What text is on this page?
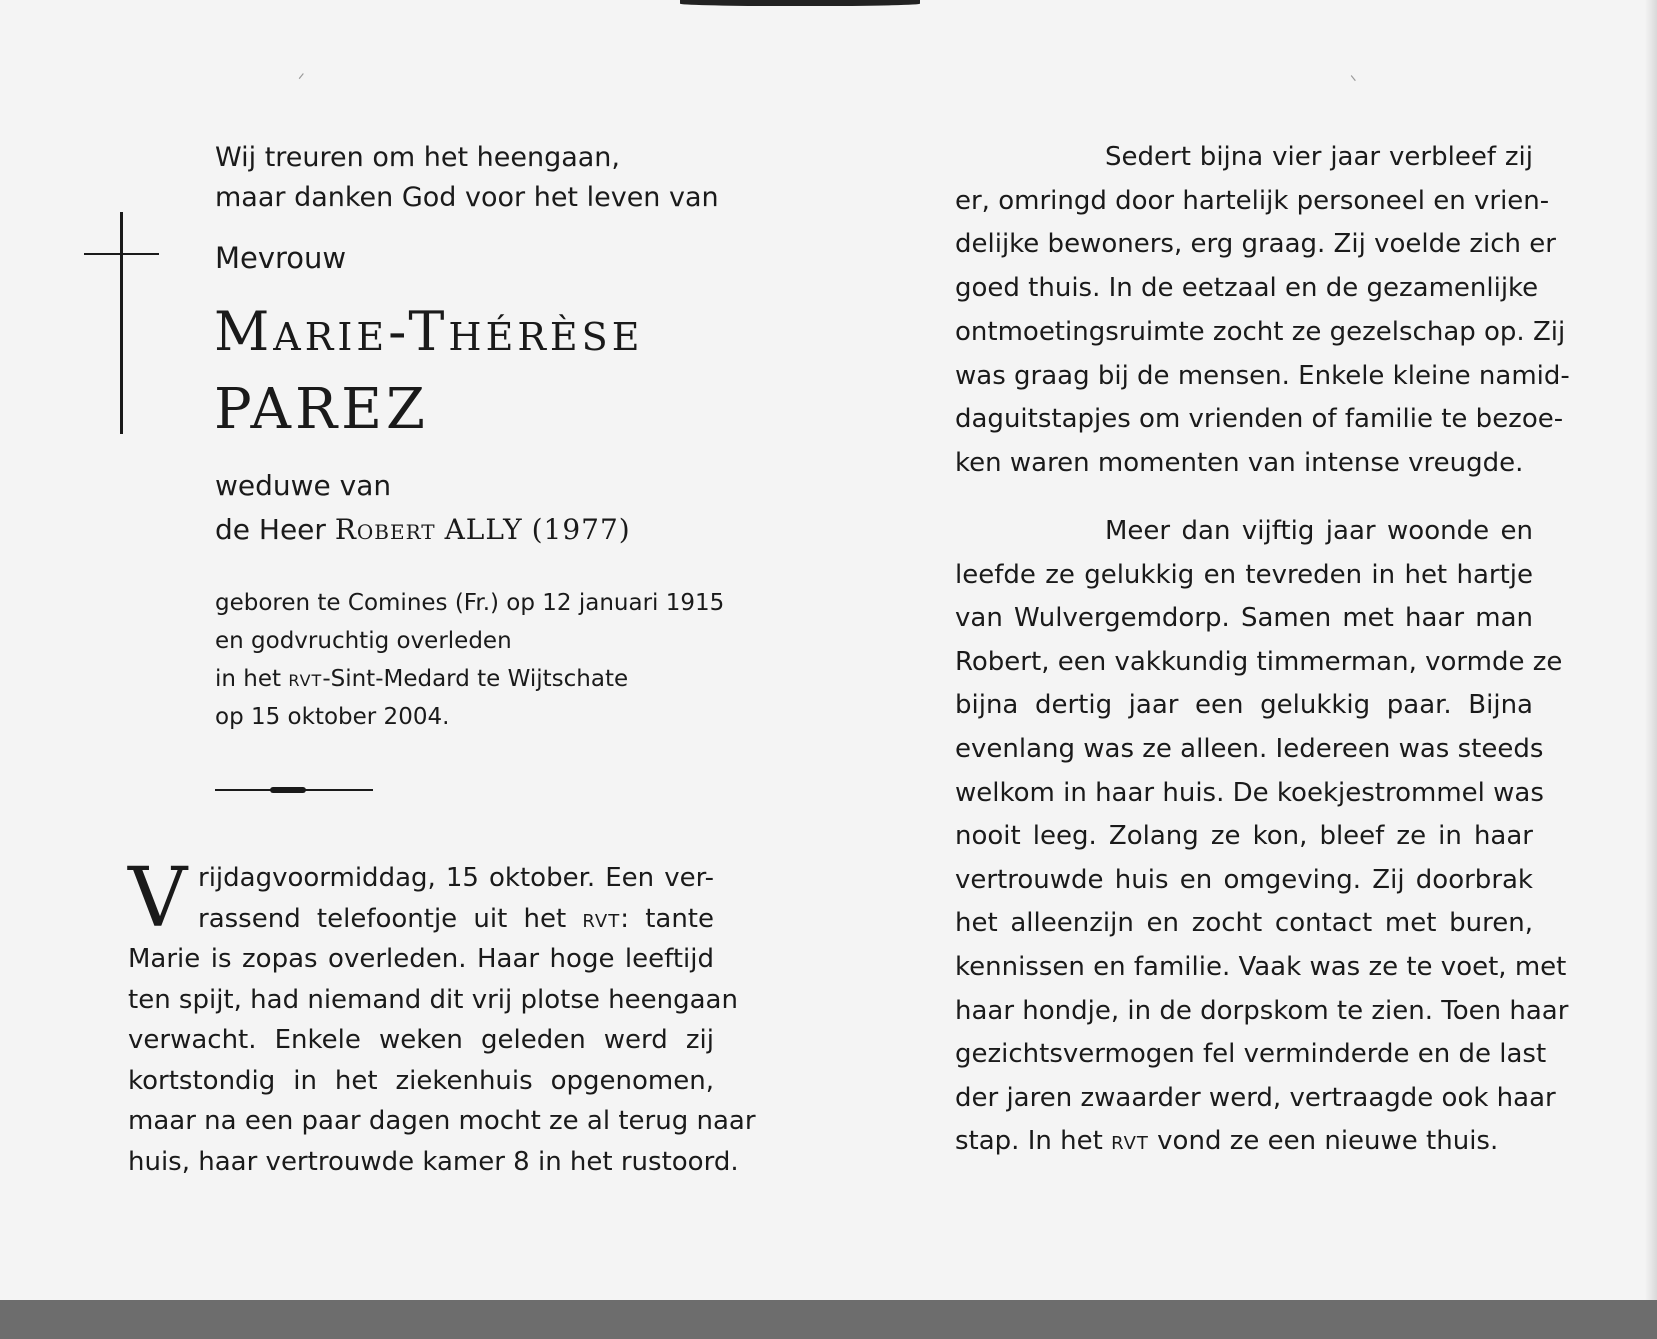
ᐟ	ᐠ
Wij treuren om het heengaan,
maar danken God voor het leven van
Mevrouw
Marie-Thérèse
PAREZ
weduwe van
de Heer Robert ALLY (1977)
geboren te Comines (Fr.) op 12 januari 1915
en godvruchtig overleden
in het rvt-Sint-Medard te Wijtschate
op 15 oktober 2004.
V rijdagvoormiddag, 15 oktober. Een ver-
rassend telefoontje uit het rvt: tante
Marie is zopas overleden. Haar hoge leeftijd
ten spijt, had niemand dit vrij plotse heengaan
verwacht. Enkele weken geleden werd zij
kortstondig in het ziekenhuis opgenomen,
maar na een paar dagen mocht ze al terug naar
huis, haar vertrouwde kamer 8 in het rustoord.
Sedert bijna vier jaar verbleef zij
er, omringd door hartelijk personeel en vrien-
delijke bewoners, erg graag. Zij voelde zich er
goed thuis. In de eetzaal en de gezamenlijke
ontmoetingsruimte zocht ze gezelschap op. Zij
was graag bij de mensen. Enkele kleine namid-
daguitstapjes om vrienden of familie te bezoe-
ken waren momenten van intense vreugde.
Meer dan vijftig jaar woonde en
leefde ze gelukkig en tevreden in het hartje
van Wulvergemdorp. Samen met haar man
Robert, een vakkundig timmerman, vormde ze
bijna dertig jaar een gelukkig paar. Bijna
evenlang was ze alleen. Iedereen was steeds
welkom in haar huis. De koekjestrommel was
nooit leeg. Zolang ze kon, bleef ze in haar
vertrouwde huis en omgeving. Zij doorbrak
het alleenzijn en zocht contact met buren,
kennissen en familie. Vaak was ze te voet, met
haar hondje, in de dorpskom te zien. Toen haar
gezichtsvermogen fel verminderde en de last
der jaren zwaarder werd, vertraagde ook haar
stap. In het rvt vond ze een nieuwe thuis.
